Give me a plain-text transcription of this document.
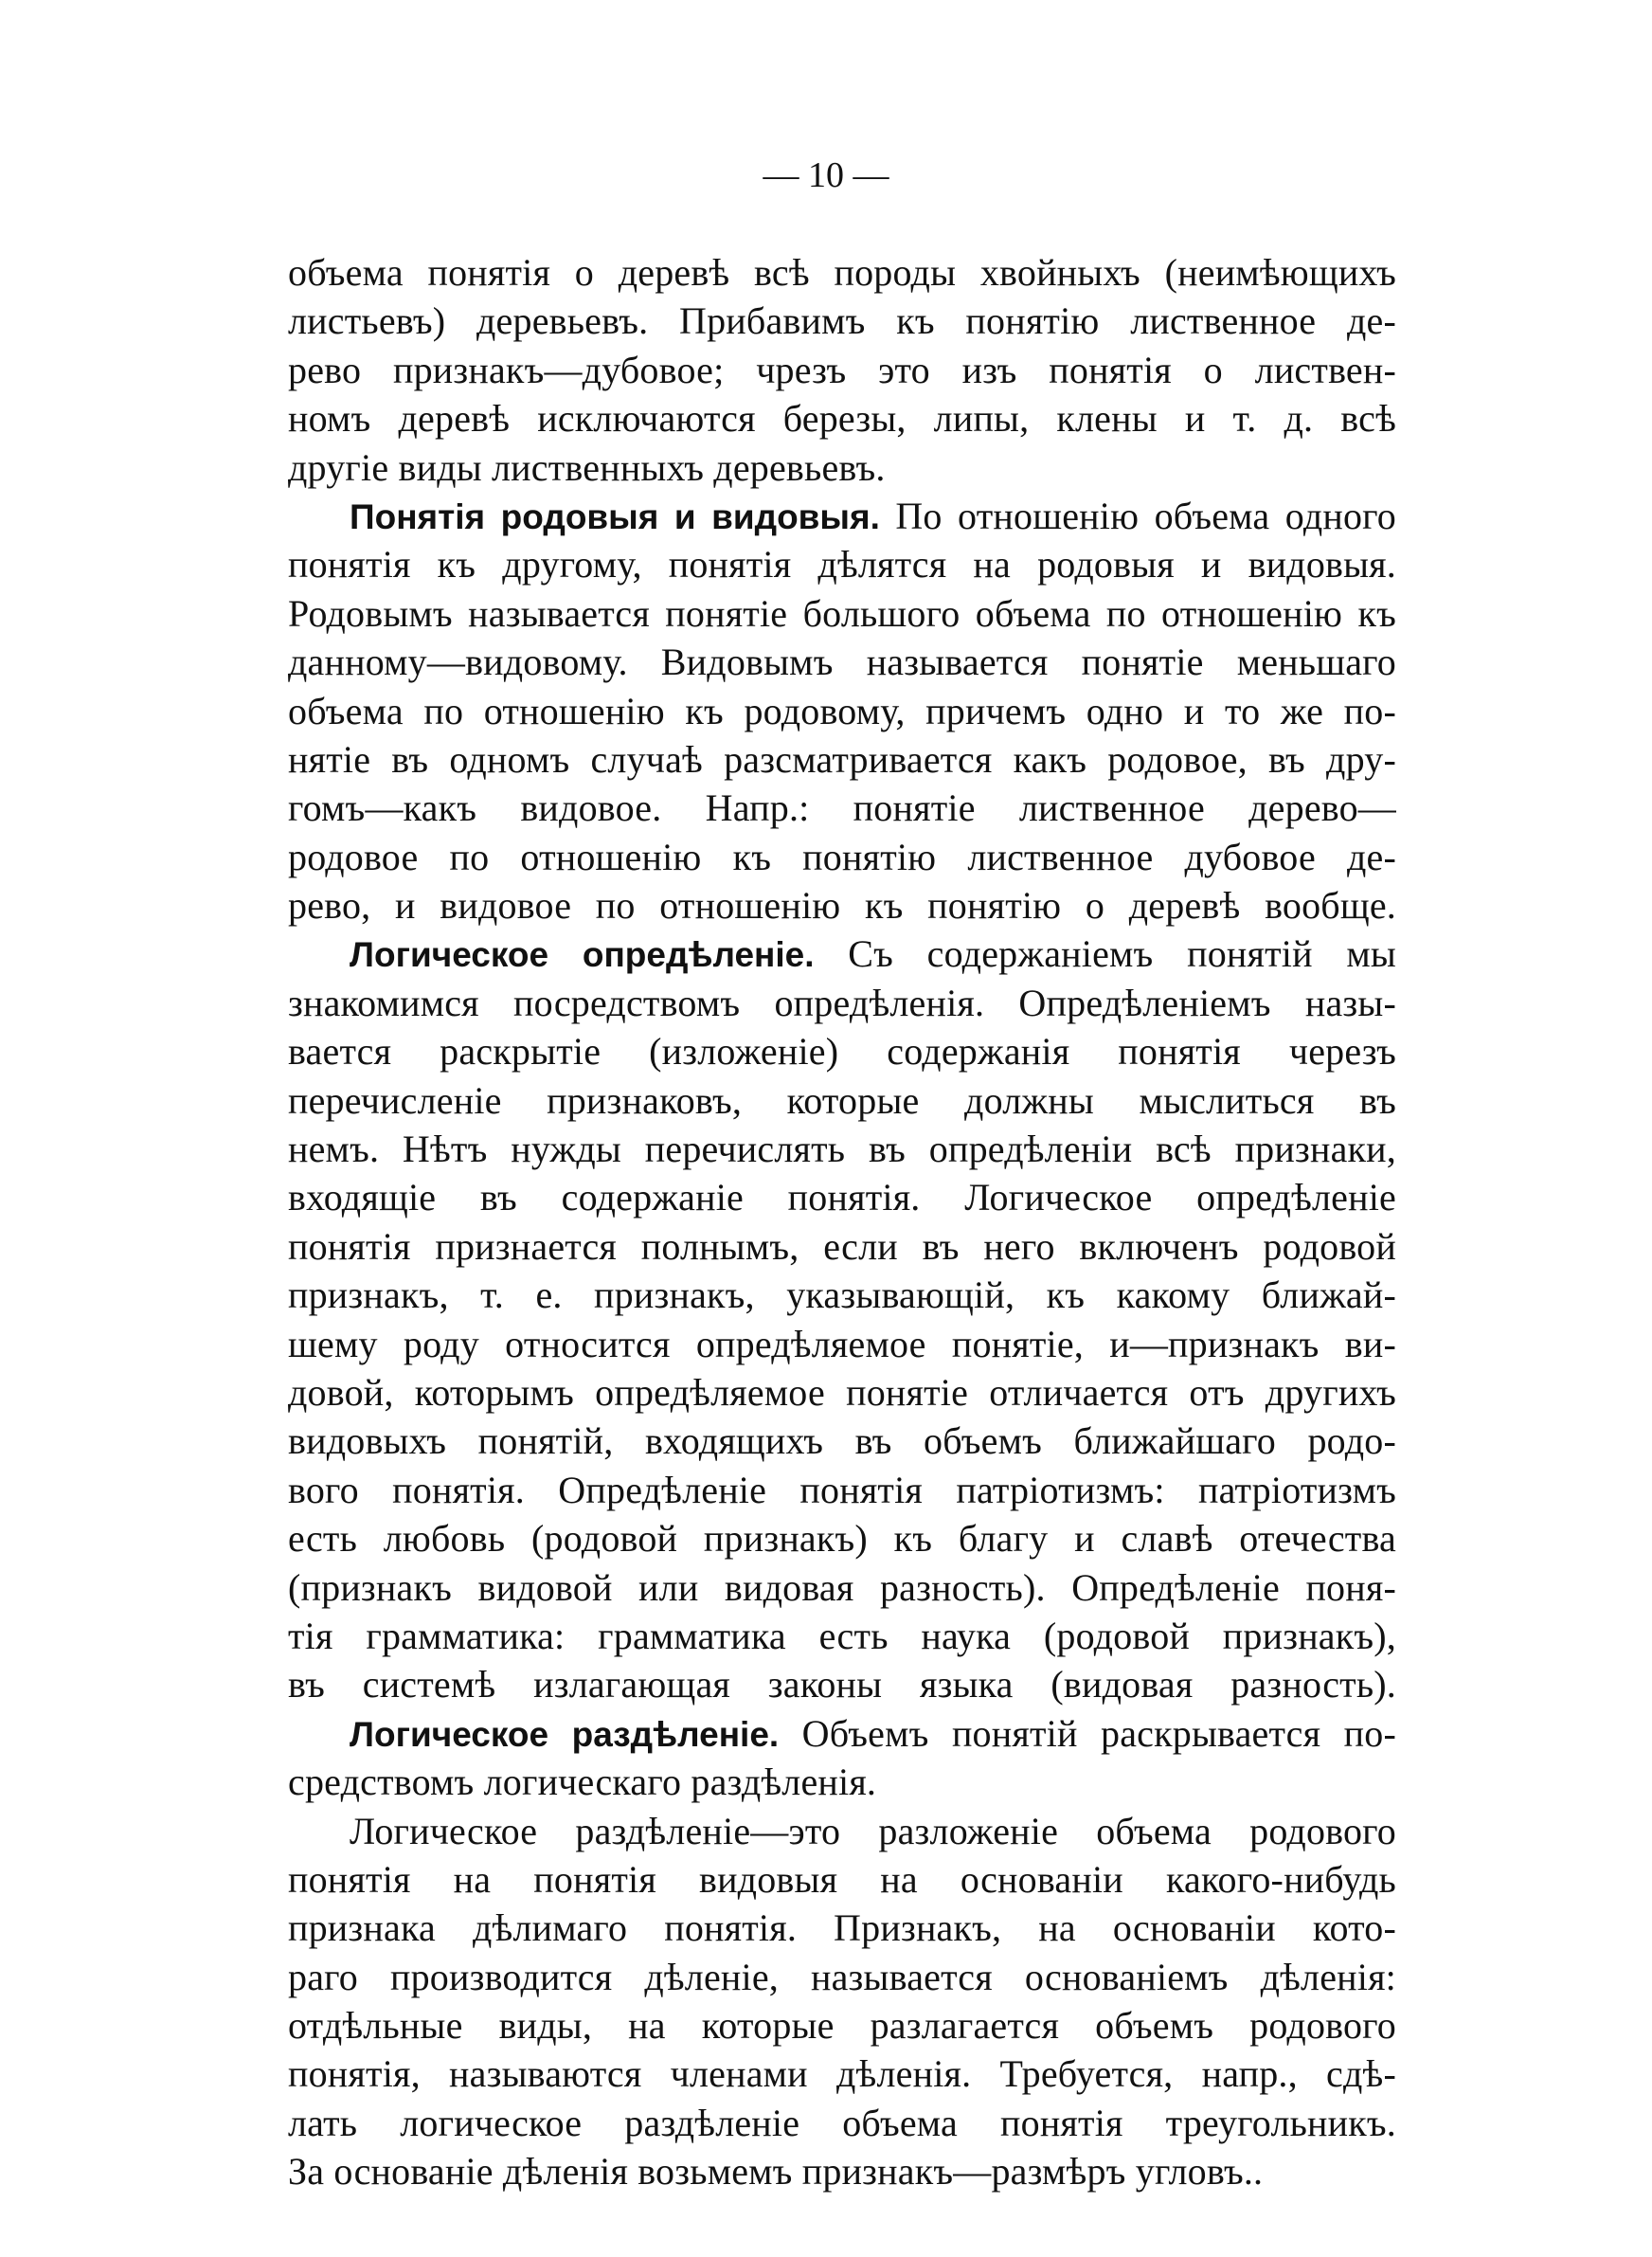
— 10 —
объема понятія о деревѣ всѣ породы хвойныхъ (неимѣющихъ
листьевъ) деревьевъ. Прибавимъ къ понятію лиственное де-
рево признакъ—дубовое; чрезъ это изъ понятія о листвен-
номъ деревѣ исключаются березы, липы, клены и т. д. всѣ
другіе виды лиственныхъ деревьевъ.
Понятія родовыя и видовыя. По отношенію объема одного
понятія къ другому, понятія дѣлятся на родовыя и видовыя.
Родовымъ называется понятіе большого объема по отношенію къ
данному—видовому. Видовымъ называется понятіе меньшаго
объема по отношенію къ родовому, причемъ одно и то же по-
нятіе въ одномъ случаѣ разсматривается какъ родовое, въ дру-
гомъ—какъ видовое. Напр.: понятіе лиственное дерево—
родовое по отношенію къ понятію лиственное дубовое де-
рево, и видовое по отношенію къ понятію о деревѣ вообще.
Логическое опредѣленіе. Съ содержаніемъ понятій мы
знакомимся посредствомъ опредѣленія. Опредѣленіемъ назы-
вается раскрытіе (изложеніе) содержанія понятія черезъ
перечисленіе признаковъ, которые должны мыслиться въ
немъ. Нѣтъ нужды перечислять въ опредѣленіи всѣ признаки,
входящіе въ содержаніе понятія. Логическое опредѣленіе
понятія признается полнымъ, если въ него включенъ родовой
признакъ, т. е. признакъ, указывающій, къ какому ближай-
шему роду относится опредѣляемое понятіе, и—признакъ ви-
довой, которымъ опредѣляемое понятіе отличается отъ другихъ
видовыхъ понятій, входящихъ въ объемъ ближайшаго родо-
вого понятія. Опредѣленіе понятія патріотизмъ: патріотизмъ
есть любовь (родовой признакъ) къ благу и славѣ отечества
(признакъ видовой или видовая разность). Опредѣленіе поня-
тія грамматика: грамматика есть наука (родовой признакъ),
въ системѣ излагающая законы языка (видовая разность).
Логическое раздѣленіе. Объемъ понятій раскрывается по-
средствомъ логическаго раздѣленія.
Логическое раздѣленіе—это разложеніе объема родового
понятія на понятія видовыя на основаніи какого-нибудь
признака дѣлимаго понятія. Признакъ, на основаніи кото-
раго производится дѣленіе, называется основаніемъ дѣленія:
отдѣльные виды, на которые разлагается объемъ родового
понятія, называются членами дѣленія. Требуется, напр., сдѣ-
лать логическое раздѣленіе объема понятія треугольникъ.
За основаніе дѣленія возьмемъ признакъ—размѣръ угловъ..
